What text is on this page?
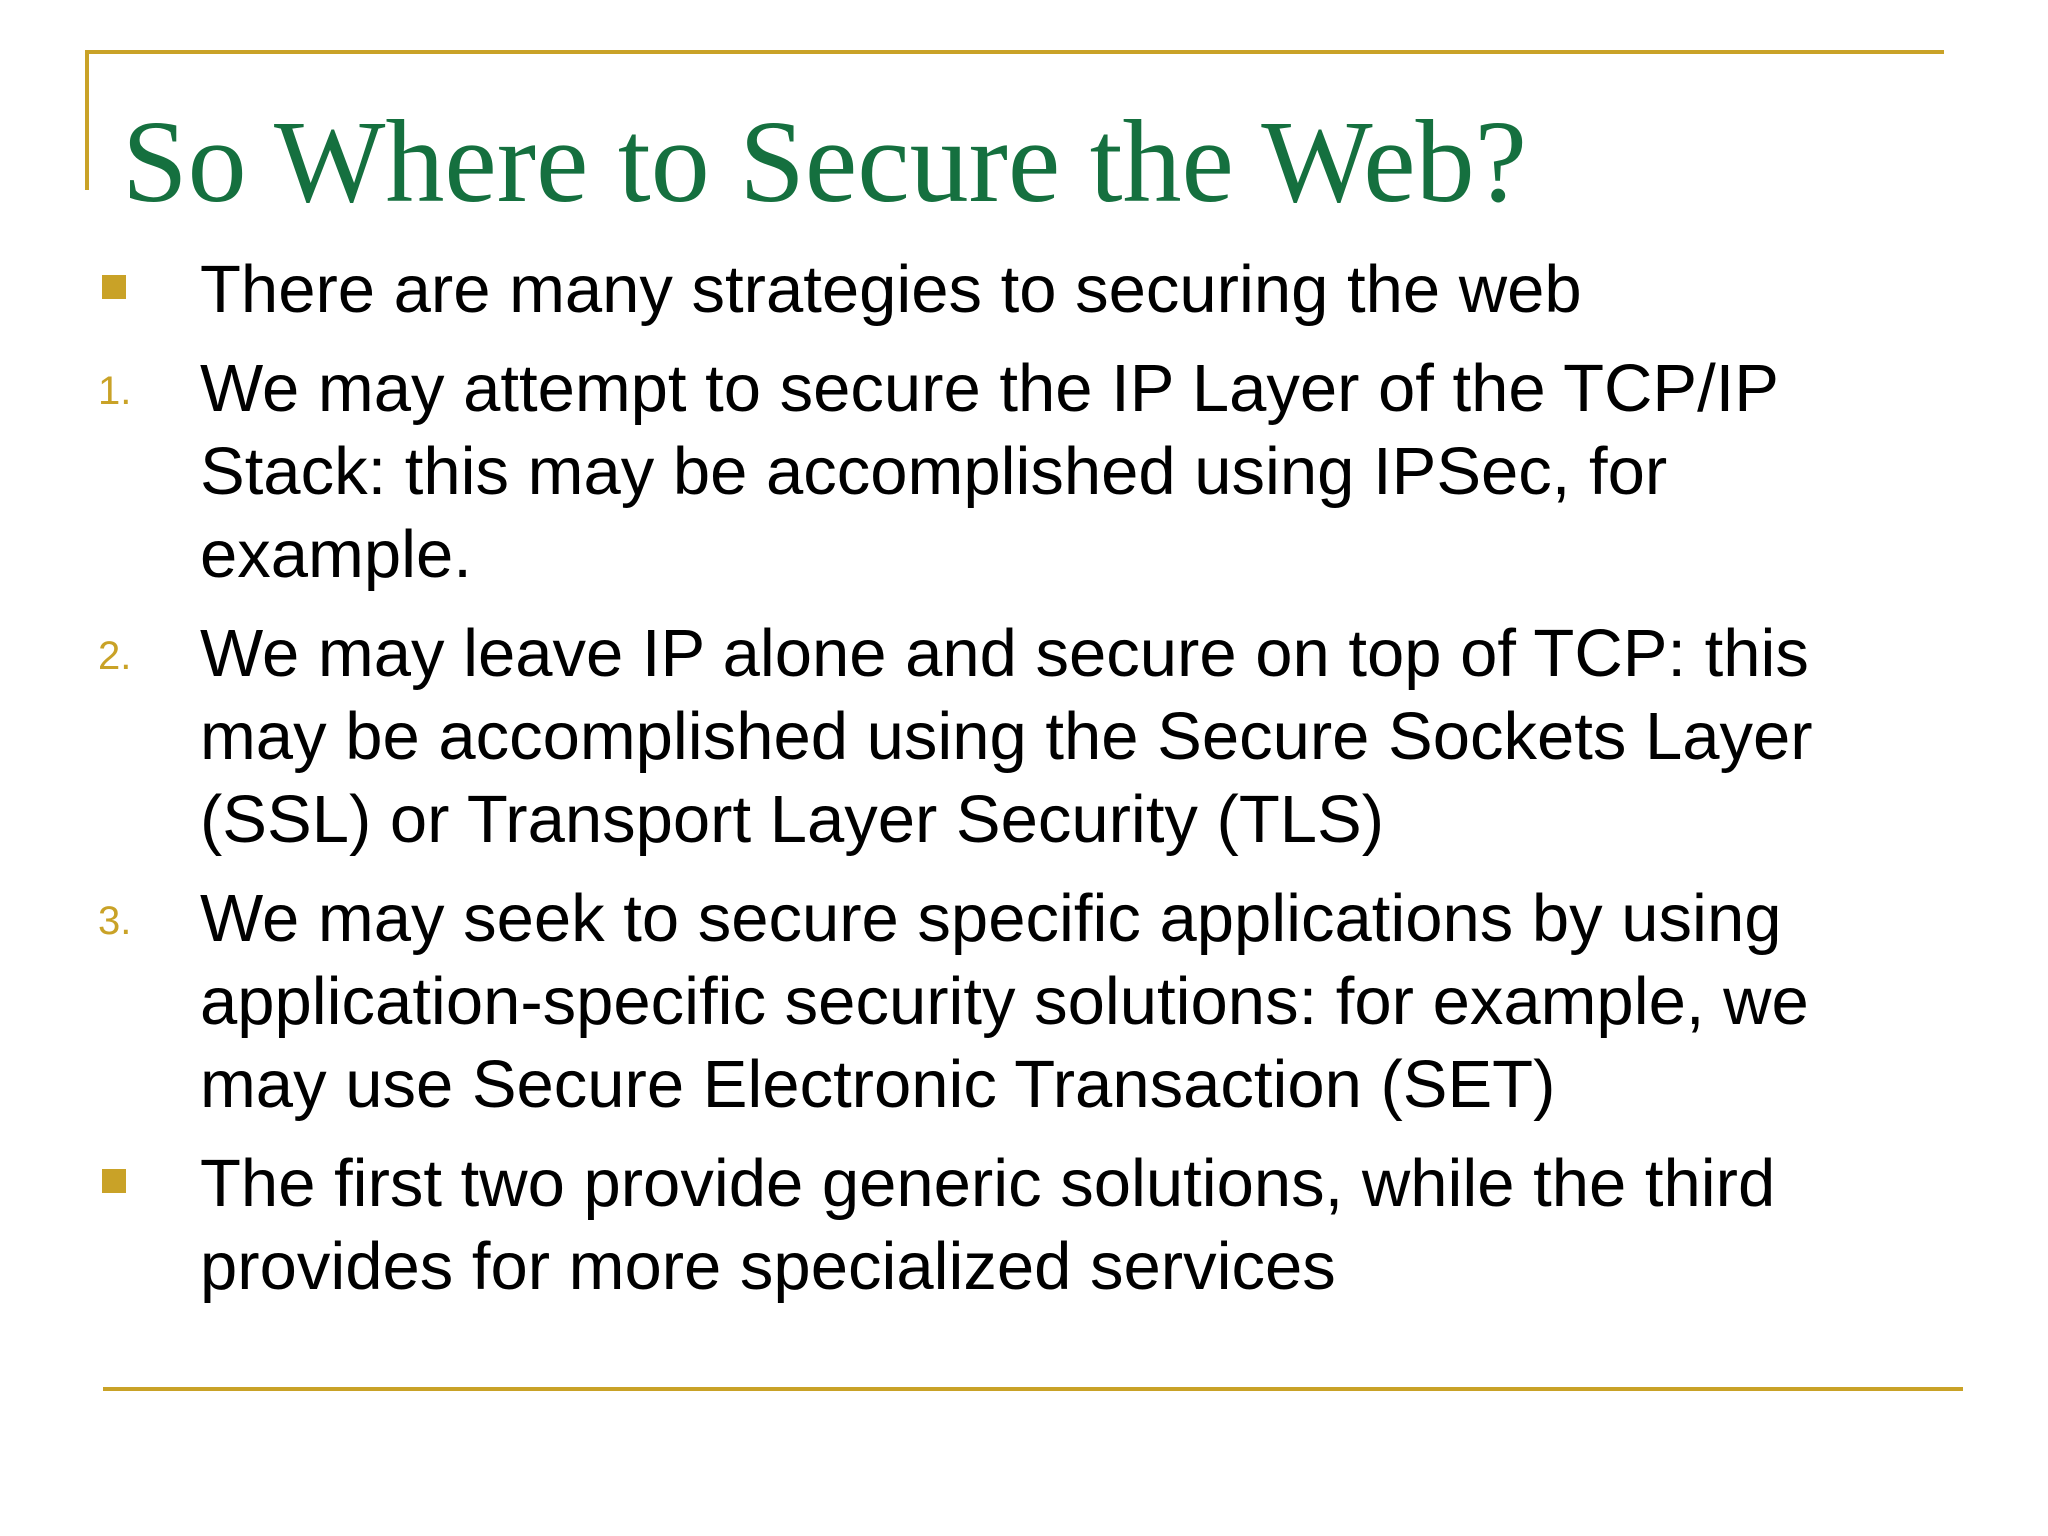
So Where to Secure the Web?
There are many strategies to securing the web
1. We may attempt to secure the IP Layer of the TCP/IP Stack: this may be accomplished using IPSec, for example.
2. We may leave IP alone and secure on top of TCP: this may be accomplished using the Secure Sockets Layer (SSL) or Transport Layer Security (TLS)
3. We may seek to secure specific applications by using application-specific security solutions: for example, we may use Secure Electronic Transaction (SET)
The first two provide generic solutions, while the third provides for more specialized services
